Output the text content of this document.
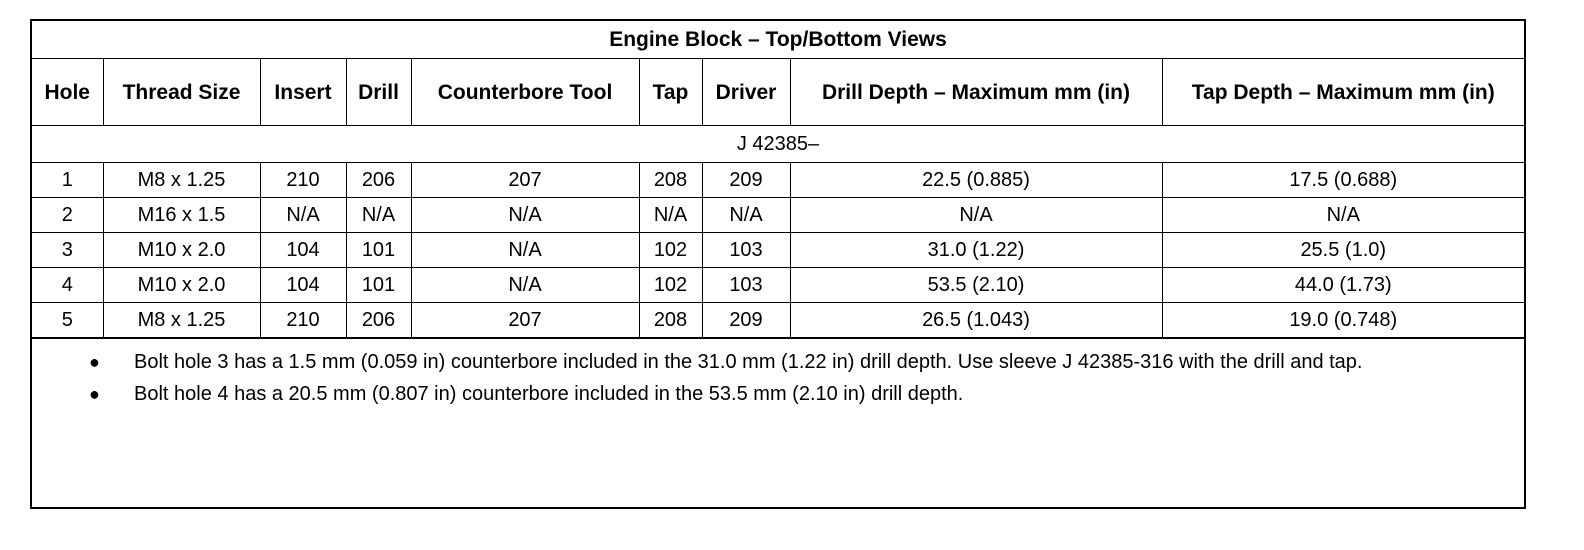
Engine Block – Top/Bottom Views								
Hole	Thread Size	Insert	Drill	Counterbore Tool	Tap	Driver	Drill Depth – Maximum mm (in)	Tap Depth – Maximum mm (in)
J 42385–								
1	M8 x 1.25	210	206	207	208	209	22.5 (0.885)	17.5 (0.688)
2	M16 x 1.5	N/A	N/A	N/A	N/A	N/A	N/A	N/A
3	M10 x 2.0	104	101	N/A	102	103	31.0 (1.22)	25.5 (1.0)
4	M10 x 2.0	104	101	N/A	102	103	53.5 (2.10)	44.0 (1.73)
5	M8 x 1.25	210	206	207	208	209	26.5 (1.043)	19.0 (0.748)
● Bolt hole 3 has a 1.5 mm (0.059 in) counterbore included in the 31.0 mm (1.22 in) drill depth. Use sleeve J 42385-316 with the drill and tap.
● Bolt hole 4 has a 20.5 mm (0.807 in) counterbore included in the 53.5 mm (2.10 in) drill depth.
